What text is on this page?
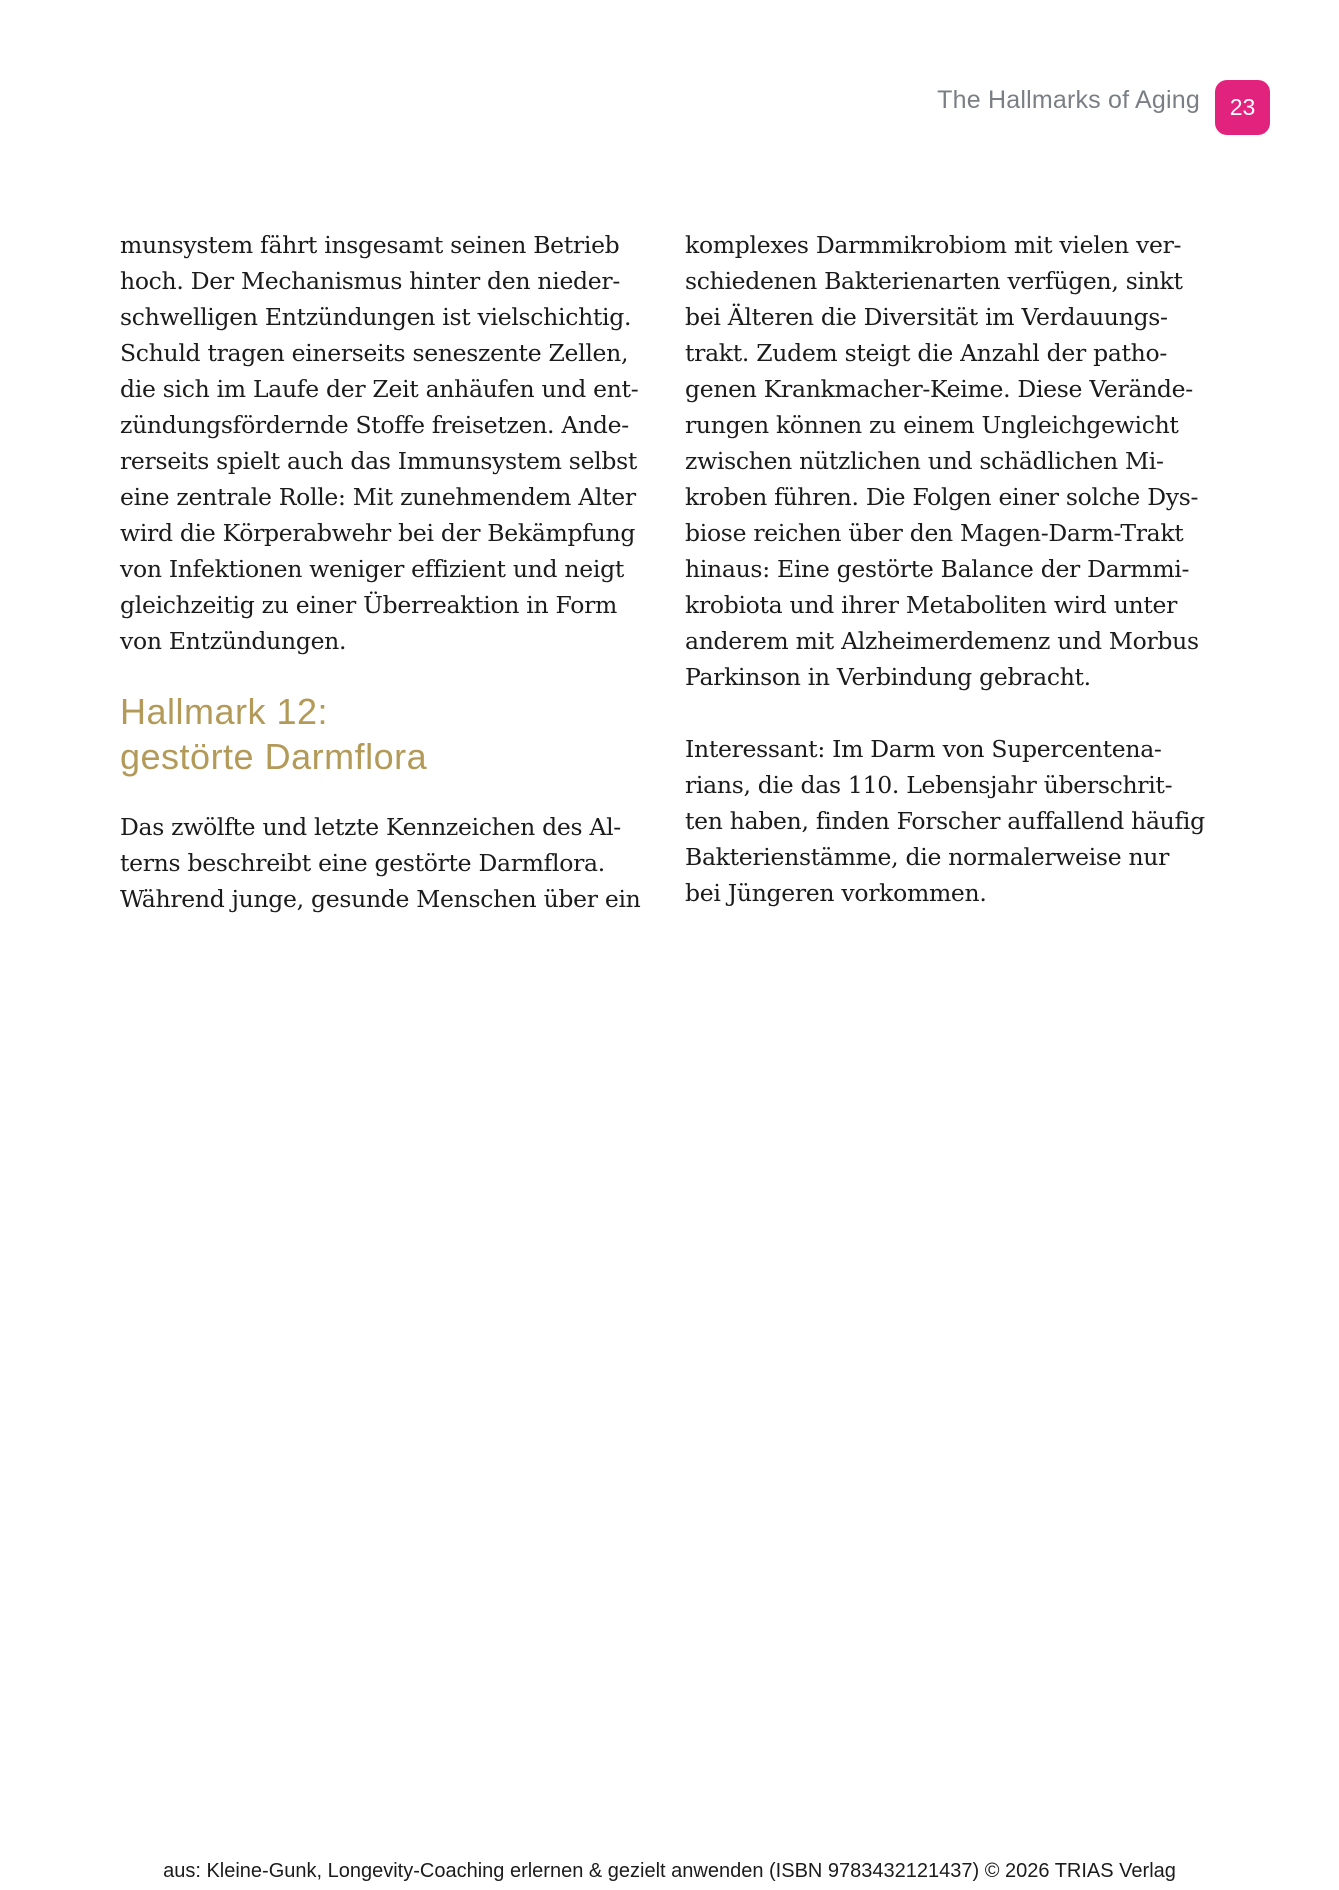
The Hallmarks of Aging	23
munsystem fährt insgesamt seinen Betrieb
hoch. Der Mechanismus hinter den nieder-
schwelligen Entzündungen ist vielschichtig.
Schuld tragen einerseits seneszente Zellen,
die sich im Laufe der Zeit anhäufen und ent-
zündungsfördernde Stoffe freisetzen. Ande-
rerseits spielt auch das Immunsystem selbst
eine zentrale Rolle: Mit zunehmendem Alter
wird die Körperabwehr bei der Bekämpfung
von Infektionen weniger effizient und neigt
gleichzeitig zu einer Überreaktion in Form
von Entzündungen.
Hallmark 12:
gestörte Darmflora
Das zwölfte und letzte Kennzeichen des Al-
terns beschreibt eine gestörte Darmflora.
Während junge, gesunde Menschen über ein
komplexes Darmmikrobiom mit vielen ver-
schiedenen Bakterienarten verfügen, sinkt
bei Älteren die Diversität im Verdauungs-
trakt. Zudem steigt die Anzahl der patho-
genen Krankmacher-Keime. Diese Verände-
rungen können zu einem Ungleichgewicht
zwischen nützlichen und schädlichen Mi-
kroben führen. Die Folgen einer solche Dys-
biose reichen über den Magen-Darm-Trakt
hinaus: Eine gestörte Balance der Darmmi-
krobiota und ihrer Metaboliten wird unter
anderem mit Alzheimerdemenz und Morbus
Parkinson in Verbindung gebracht.
Interessant: Im Darm von Supercentena-
rians, die das 110. Lebensjahr überschrit-
ten haben, finden Forscher auffallend häufig
Bakterienstämme, die normalerweise nur
bei Jüngeren vorkommen.
aus: Kleine-Gunk, Longevity-Coaching erlernen & gezielt anwenden (ISBN 9783432121437) © 2026 TRIAS Verlag
